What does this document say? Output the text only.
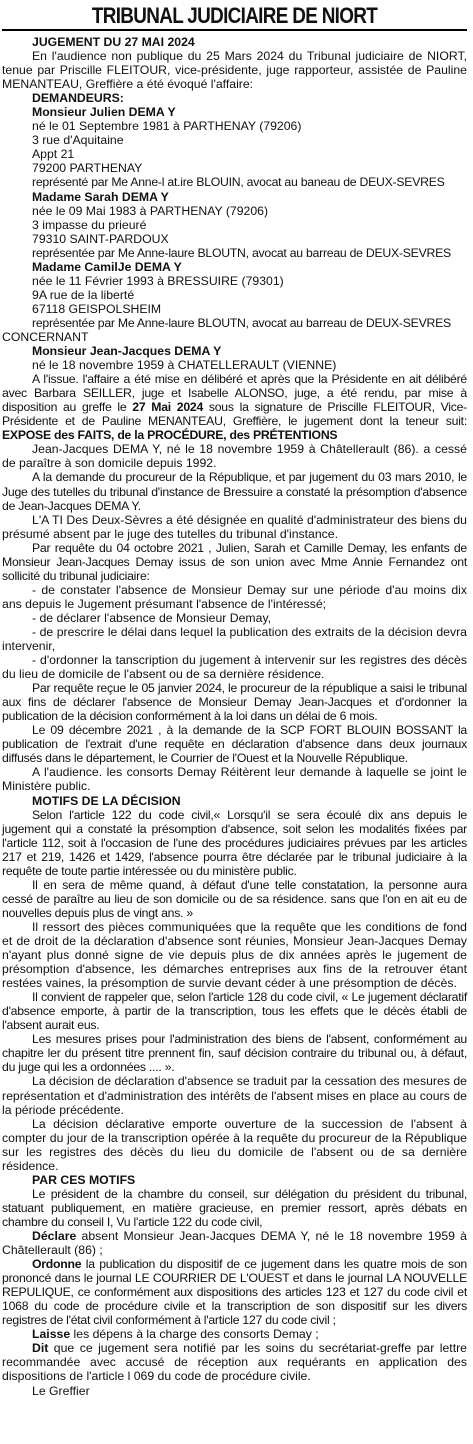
TRIBUNAL JUDICIAIRE DE NIORT

JUGEMENT DU 27 MAI 2024

En l'audience non publique du 25 Mars 2024 du Tribunal judiciaire de NIORT, tenue par Priscille FLEITOUR, vice-présidente, juge rapporteur, assistée de Pauline MENANTEAU, Greffière a été évoqué l'affaire:

DEMANDEURS:

Monsieur Julien DEMA Y

né le 01 Septembre 1981 à PARTHENAY (79206)

3 rue d'Aquitaine

Appt 21

79200 PARTHENAY

représenté par Me Anne-l at.ire BLOUIN, avocat au baneau de DEUX-SEVRES

Madame Sarah DEMA Y

née le 09 Mai 1983 à PARTHENAY (79206)

3 impasse du prieuré

79310 SAINT-PARDOUX

représentée par Me Anne-laure BLOUTN, avocat au barreau de DEUX-SEVRES

Madame CamilJe DEMA Y

née le 11 Février 1993 à BRESSUIRE (79301)

9A rue de la liberté

67118 GEISPOLSHEIM

représentée par Me Anne-laure BLOUTN, avocat au barreau de DEUX-SEVRES

CONCERNANT

Monsieur Jean-Jacques DEMA Y

né le 18 novembre 1959 à CHATELLERAULT (VIENNE)

A l'issue. l'affaire a été mise en délibéré et après que la Présidente en ait délibéré avec Barbara SEILLER, juge et Isabelle ALONSO, juge, a été rendu, par mise à disposition au greffe le 27 Mai 2024 sous la signature de Priscille FLEITOUR, Vice-Présidente et de Pauline MENANTEAU, Greffière, le jugement dont la teneur suit: EXPOSE des FAITS, de la PROCÉDURE, des PRÉTENTIONS

Jean-Jacques DEMA Y, né le 18 novembre 1959 à Châtellerault (86). a cessé de paraître à son domicile depuis 1992.

A la demande du procureur de la République, et par jugement du 03 mars 2010, le Juge des tutelles du tribunal d'instance de Bressuire a constaté la présomption d'absence de Jean-Jacques DEMA Y.

L'A TI Des Deux-Sèvres a été désignée en qualité d'administrateur des biens du présumé absent par le juge des tutelles du tribunal d'instance.

Par requête du 04 octobre 2021 , Julien, Sarah et Camille Demay, les enfants de Monsieur Jean-Jacques Demay issus de son union avec Mme Annie Fernandez ont sollicité du tribunal judiciaire:

- de constater l'absence de Monsieur Demay sur une période d'au moins dix ans depuis le Jugement présumant l'absence de l'intéressé;

- de déclarer l'absence de Monsieur Demay,

- de prescrire le délai dans lequel la publication des extraits de la décision devra intervenir,

- d'ordonner la tanscription du jugement à intervenir sur les registres des décès du lieu de domicile de l'absent ou de sa dernière résidence.

Par requête reçue le 05 janvier 2024, le procureur de la république a saisi le tribunal aux fins de déclarer l'absence de Monsieur Demay Jean-Jacques et d'ordonner la publication de la décision conformément à la loi dans un délai de 6 mois.

Le 09 décembre 2021 , à la demande de la SCP FORT BLOUIN BOSSANT la publication de l'extrait d'une requête en déclaration d'absence dans deux journaux diffusés dans le département, le Courrier de l'Ouest et la Nouvelle République.

A l'audience. les consorts Demay Réitèrent leur demande à laquelle se joint le Ministère public.

MOTIFS DE LA DÉCISION

Selon l'article 122 du code civil,« Lorsqu'il se sera écoulé dix ans depuis le jugement qui a constaté la présomption d'absence, soit selon les modalités fixées par l'article 112, soit à l'occasion de l'une des procédures judiciaires prévues par les articles 217 et 219, 1426 et 1429, l'absence pourra être déclarée par le tribunal judiciaire à la requête de toute partie intéressée ou du ministère public.

Il en sera de même quand, à défaut d'une telle constatation, la personne aura cessé de paraître au lieu de son domicile ou de sa résidence. sans que l'on en ait eu de nouvelles depuis plus de vingt ans. »

Il ressort des pièces communiquées que la requête que les conditions de fond et de droit de la déclaration d'absence sont réunies, Monsieur Jean-Jacques Demay n'ayant plus donné signe de vie depuis plus de dix années après le jugement de présomption d'absence, les démarches entreprises aux fins de la retrouver étant restées vaines, la présomption de survie devant céder à une présomption de décès.

Il convient de rappeler que, selon l'article 128 du code civil, « Le jugement déclaratif d'absence emporte, à partir de la transcription, tous les effets que le décès établi de l'absent aurait eus.

Les mesures prises pour l'administration des biens de l'absent, conformément au chapitre ler du présent titre prennent fin, sauf décision contraire du tribunal ou, à défaut, du juge qui les a ordonnées .... ».

La décision de déclaration d'absence se traduit par la cessation des mesures de représentation et d'administration des intérêts de l'absent mises en place au cours de la période précédente.

La décision déclarative emporte ouverture de la succession de l'absent à compter du jour de la transcription opérée à la requête du procureur de la République sur les registres des décès du lieu du domicile de l'absent ou de sa dernière résidence.

PAR CES MOTIFS

Le président de la chambre du conseil, sur délégation du président du tribunal, statuant publiquement, en matière gracieuse, en premier ressort, après débats en chambre du conseil I, Vu l'article 122 du code civil,

Déclare absent Monsieur Jean-Jacques DEMA Y, né le 18 novembre 1959 à Châtellerault (86) ;

Ordonne la publication du dispositif de ce jugement dans les quatre mois de son prononcé dans le journal LE COURRIER DE L'OUEST et dans le journal LA NOUVELLE REPULIQUE, ce conformément aux dispositions des articles 123 et 127 du code civil et 1068 du code de procédure civile et la transcription de son dispositif sur les divers registres de l'état civil conformément à l'article 127 du code civil ;

Laisse les dépens à la charge des consorts Demay ;

Dit que ce jugement sera notifié par les soins du secrétariat-greffe par lettre recommandée avec accusé de réception aux requérants en application des dispositions de l'article l 069 du code de procédure civile.

Le Greffier
